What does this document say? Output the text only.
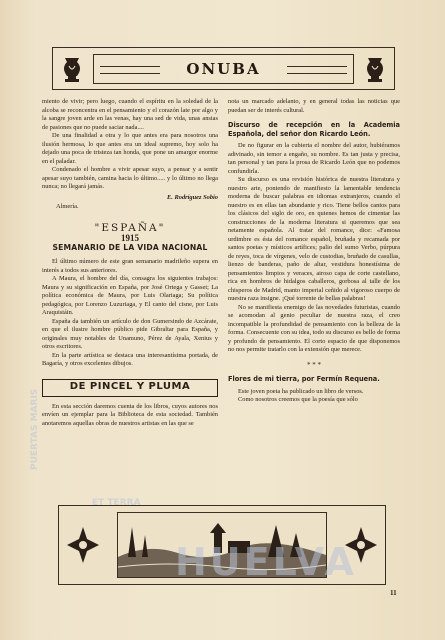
ONUBA

miento de vivir; pero luego, cuando el espíritu en la soledad de la alcoba se reconcentra en el pensamiento y el corazón late por algo y la sangre joven arde en las venas, hay una sed de vida, unas ansias de pasiones que no puede saciar nada....

De una finalidad a otra y lo que antes era para nosotros una ilusión hermosa, lo que antes era un ideal supremo, hoy solo ha dejado una poca de tristeza tan honda, que pone un amargor enorme en el paladar.

Condenado el hombre a vivir apesar suyo, a pensar y a sentir apesar suyo también, camina hacia lo último..... y lo último no llega nunca; no llegará jamás.

E. Rodríguez Sobio
Almería.
"ESPAÑA"
1915
SEMANARIO DE LA VIDA NACIONAL

El último número de este gran semanario madrileño supera en interés a todos sus anteriores.

A Maura, el hombre del día, consagra los siguientes trabajos: Maura y su significación en España, por José Ortega y Gasset; La política económica de Maura, por Luis Olariaga; Su política pedagógica, por Lorenzo Luzuriaga, y El canto del cisne, por Luis Araquistáin.

España da también un artículo de don Gumersindo de Azcárate, en que el ilustre hombre público pide Gibraltar para España, y originales muy notables de Unamuno, Pérez de Ayala, Xenius y otros escritores.

En la parte artística se destaca una interesantísima portada, de Bagaría, y otros excelentes dibujos.

DE PINCEL Y PLUMA

En esta sección daremos cuenta de los libros, cuyos autores nos envíen un ejemplar para la Biblioteca de esta sociedad. También anotaremos aquellas obras de nuestros artistas en las que se

nota un marcado adelanto, y en general todas las noticias que puedan ser de interés cultural.

Discurso de recepción en la Academia Española, del señor don Ricardo León.

De no figurar en la cubierta el nombre del autor, hubiéramos adivinado, sin temor a engaño, su nombre. Es tan justa y precisa, tan personal y tan pura la prosa de Ricardo León que no podemos confundirla.

Su discurso es una revisión histórica de nuestra literatura y nuestro arte, poniendo de manifiesto la lamentable tendencia moderna de buscar palabras en idiomas extranjeros, cuando el nuestro es en ellas tan abundante y rico. Tiene bellos cantos para los clásicos del siglo de oro, en quienes hemos de cimentar las construcciones de la moderna literatura si queremos que sea netamente española. Al tratar del romance, dice: «Famosa urdimbre es ésta del romance español, bruñada y recamada por santos poetas y místicos artífices; palio del sumo Verbo, púrpura de reyes, toca de vírgenes, velo de custodias, bruñado de casullas, lienzo de banderas, paño de altar, vestidura honestísima de pensamientos limpios y veraces, airoso capa de corte castellano, rica en hombros de hidalgos caballeros, gorbosa al talle de los chisperos de Madrid, manto imperial ceñido al vigoroso cuerpo de nuestra raza insigne. ¡Qué torrente de bellas palabras!

No se manifiesta enemigo de las novedades futuristas, cuando se acomodan al genio peculiar de nuestra raza, el creo incompatible la profundidad de pensamiento con la belleza de la forma. Consecuente con su idea, todo su discurso es bello de forma y profundo de pensamiento. El corto espacio de que disponemos no nos permite tratarlo con la extensión que merece.

* * *
Flores de mi tierra, por Fermín Requena.

Este joven poeta ha publicado un libro de versos.

Como nosotros creemos que la poesía que sólo

11
PUERTAS MARIS
ET TERRA
HUELVA
